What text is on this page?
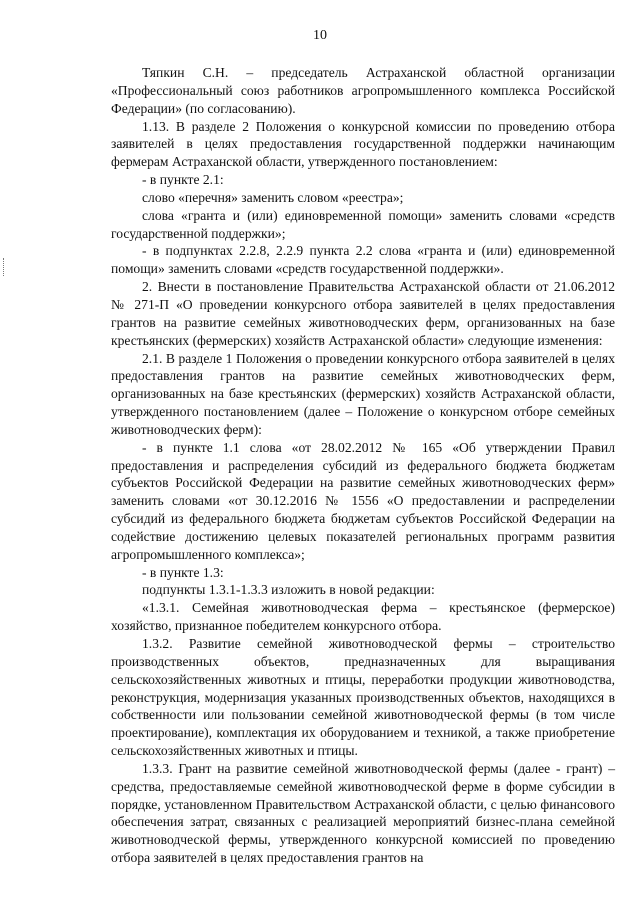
10

Тяпкин С.Н. – председатель Астраханской областной организации «Профессиональный союз работников агропромышленного комплекса Российской Федерации» (по согласованию).

1.13. В разделе 2 Положения о конкурсной комиссии по проведению отбора заявителей в целях предоставления государственной поддержки начинающим фермерам Астраханской области, утвержденного постановлением:

- в пункте 2.1:

слово «перечня» заменить словом «реестра»;

слова «гранта и (или) единовременной помощи» заменить словами «средств государственной поддержки»;

- в подпунктах 2.2.8, 2.2.9 пункта 2.2 слова «гранта и (или) единовременной помощи» заменить словами «средств государственной поддержки».

2. Внести в постановление Правительства Астраханской области от 21.06.2012 № 271-П «О проведении конкурсного отбора заявителей в целях предоставления грантов на развитие семейных животноводческих ферм, организованных на базе крестьянских (фермерских) хозяйств Астраханской области» следующие изменения:

2.1. В разделе 1 Положения о проведении конкурсного отбора заявителей в целях предоставления грантов на развитие семейных животноводческих ферм, организованных на базе крестьянских (фермерских) хозяйств Астраханской области, утвержденного постановлением (далее – Положение о конкурсном отборе семейных животноводческих ферм):

- в пункте 1.1 слова «от 28.02.2012 № 165 «Об утверждении Правил предоставления и распределения субсидий из федерального бюджета бюджетам субъектов Российской Федерации на развитие семейных животноводческих ферм» заменить словами «от 30.12.2016 № 1556 «О предоставлении и распределении субсидий из федерального бюджета бюджетам субъектов Российской Федерации на содействие достижению целевых показателей региональных программ развития агропромышленного комплекса»;

- в пункте 1.3:

подпункты 1.3.1-1.3.3 изложить в новой редакции:

«1.3.1. Семейная животноводческая ферма – крестьянское (фермерское) хозяйство, признанное победителем конкурсного отбора.

1.3.2. Развитие семейной животноводческой фермы – строительство производственных объектов, предназначенных для выращивания сельскохозяйственных животных и птицы, переработки продукции животноводства, реконструкция, модернизация указанных производственных объектов, находящихся в собственности или пользовании семейной животноводческой фермы (в том числе проектирование), комплектация их оборудованием и техникой, а также приобретение сельскохозяйственных животных и птицы.

1.3.3. Грант на развитие семейной животноводческой фермы (далее - грант) – средства, предоставляемые семейной животноводческой ферме в форме субсидии в порядке, установленном Правительством Астраханской области, с целью финансового обеспечения затрат, связанных с реализацией мероприятий бизнес-плана семейной животноводческой фермы, утвержденного конкурсной комиссией по проведению отбора заявителей в целях предоставления грантов на
